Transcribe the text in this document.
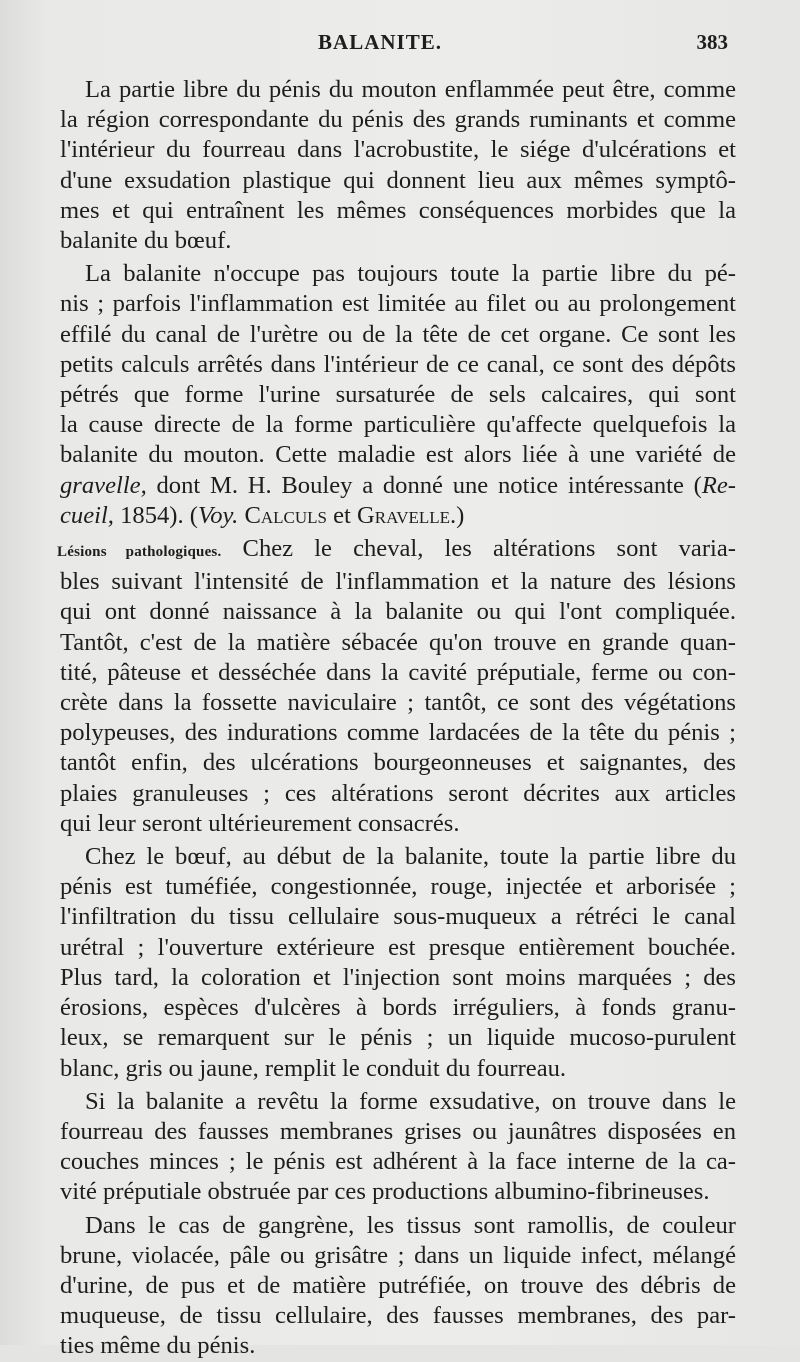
BALANITE.	383
La partie libre du pénis du mouton enflammée peut être, comme
la région correspondante du pénis des grands ruminants et comme
l'intérieur du fourreau dans l'acrobustite, le siége d'ulcérations et
d'une exsudation plastique qui donnent lieu aux mêmes symptô-
mes et qui entraînent les mêmes conséquences morbides que la
balanite du bœuf.
La balanite n'occupe pas toujours toute la partie libre du pé-
nis ; parfois l'inflammation est limitée au filet ou au prolongement
effilé du canal de l'urètre ou de la tête de cet organe. Ce sont les
petits calculs arrêtés dans l'intérieur de ce canal, ce sont des dépôts
pétrés que forme l'urine sursaturée de sels calcaires, qui sont
la cause directe de la forme particulière qu'affecte quelquefois la
balanite du mouton. Cette maladie est alors liée à une variété de
gravelle, dont M. H. Bouley a donné une notice intéressante (Re-
cueil, 1854). (Voy. Calculs et Gravelle.)
Lésions pathologiques. Chez le cheval, les altérations sont varia-
bles suivant l'intensité de l'inflammation et la nature des lésions
qui ont donné naissance à la balanite ou qui l'ont compliquée.
Tantôt, c'est de la matière sébacée qu'on trouve en grande quan-
tité, pâteuse et desséchée dans la cavité préputiale, ferme ou con-
crète dans la fossette naviculaire ; tantôt, ce sont des végétations
polypeuses, des indurations comme lardacées de la tête du pénis ;
tantôt enfin, des ulcérations bourgeonneuses et saignantes, des
plaies granuleuses ; ces altérations seront décrites aux articles
qui leur seront ultérieurement consacrés.
Chez le bœuf, au début de la balanite, toute la partie libre du
pénis est tuméfiée, congestionnée, rouge, injectée et arborisée ;
l'infiltration du tissu cellulaire sous-muqueux a rétréci le canal
urétral ; l'ouverture extérieure est presque entièrement bouchée.
Plus tard, la coloration et l'injection sont moins marquées ; des
érosions, espèces d'ulcères à bords irréguliers, à fonds granu-
leux, se remarquent sur le pénis ; un liquide mucoso-purulent
blanc, gris ou jaune, remplit le conduit du fourreau.
Si la balanite a revêtu la forme exsudative, on trouve dans le
fourreau des fausses membranes grises ou jaunâtres disposées en
couches minces ; le pénis est adhérent à la face interne de la ca-
vité préputiale obstruée par ces productions albumino-fibrineuses.
Dans le cas de gangrène, les tissus sont ramollis, de couleur
brune, violacée, pâle ou grisâtre ; dans un liquide infect, mélangé
d'urine, de pus et de matière putréfiée, on trouve des débris de
muqueuse, de tissu cellulaire, des fausses membranes, des par-
ties même du pénis.
